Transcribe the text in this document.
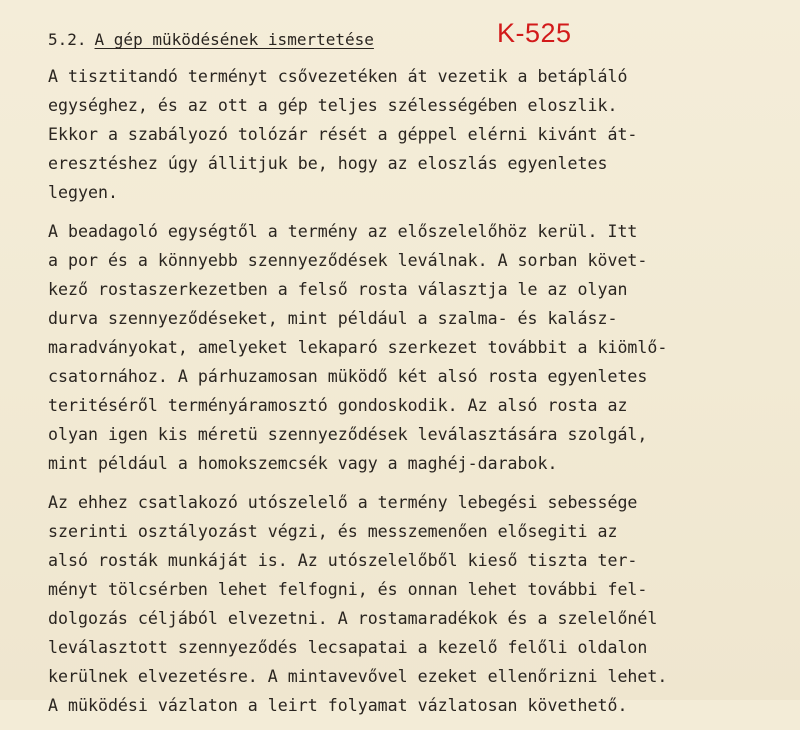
5.2. A gép müködésének ismertetése	K-525
A tisztitandó terményt csővezetéken át vezetik a betápláló
egységhez, és az ott a gép teljes szélességében eloszlik.
Ekkor a szabályozó tolózár rését a géppel elérni kivánt át-
eresztéshez úgy állitjuk be, hogy az eloszlás egyenletes
legyen.
A beadagoló egységtől a termény az előszelelőhöz kerül. Itt
a por és a könnyebb szennyeződések leválnak. A sorban követ-
kező rostaszerkezetben a felső rosta választja le az olyan
durva szennyeződéseket, mint például a szalma- és kalász-
maradványokat, amelyeket lekaparó szerkezet továbbit a kiömlő-
csatornához. A párhuzamosan müködő két alsó rosta egyenletes
teritéséről terményáramosztó gondoskodik. Az alsó rosta az
olyan igen kis méretü szennyeződések leválasztására szolgál,
mint például a homokszemcsék vagy a maghéj-darabok.
Az ehhez csatlakozó utószelelő a termény lebegési sebessége
szerinti osztályozást végzi, és messzemenően elősegiti az
alsó rosták munkáját is. Az utószelelőből kieső tiszta ter-
ményt tölcsérben lehet felfogni, és onnan lehet további fel-
dolgozás céljából elvezetni. A rostamaradékok és a szelelőnél
leválasztott szennyeződés lecsapatai a kezelő felőli oldalon
kerülnek elvezetésre. A mintavevővel ezeket ellenőrizni lehet.
A müködési vázlaton a leirt folyamat vázlatosan követhető.
